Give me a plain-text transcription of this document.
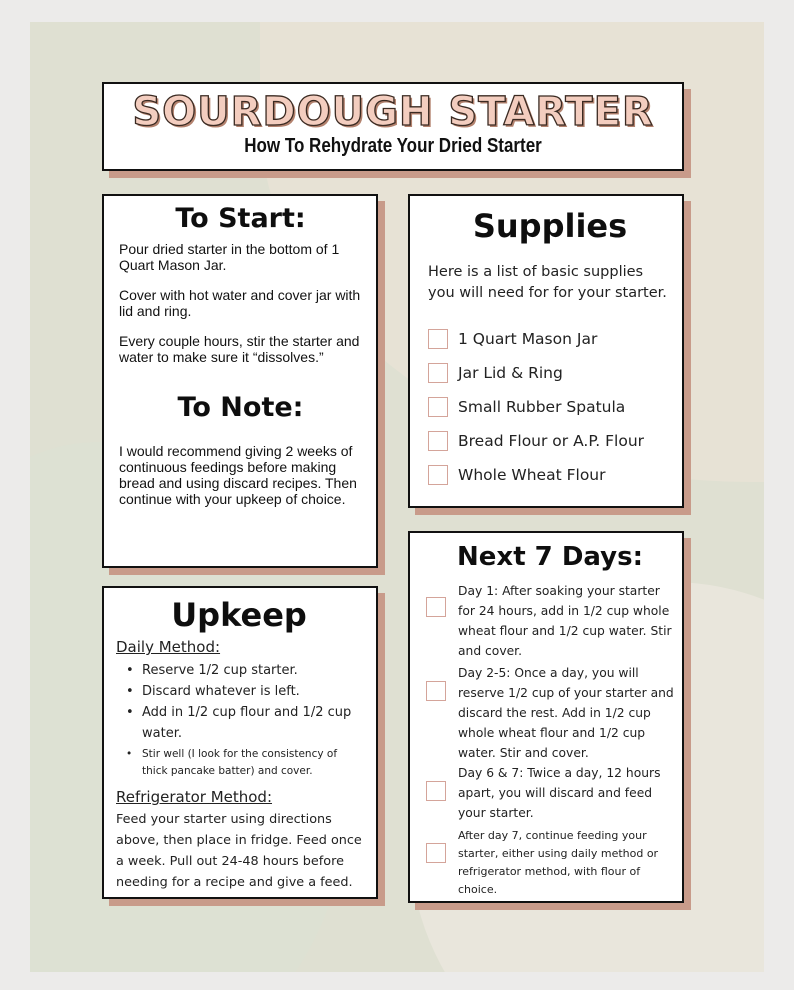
SOURDOUGH STARTER
How To Rehydrate Your Dried Starter
To Start:

Pour dried starter in the bottom of 1 Quart Mason Jar.

Cover with hot water and cover jar with lid and ring.

Every couple hours, stir the starter and water to make sure it “dissolves.”

To Note:

I would recommend giving 2 weeks of continuous feedings before making bread and using discard recipes. Then continue with your upkeep of choice.

Supplies

Here is a list of basic supplies you will need for for your starter.

1 Quart Mason Jar
Jar Lid & Ring
Small Rubber Spatula
Bread Flour or A.P. Flour
Whole Wheat Flour
Upkeep
Daily Method:
• Reserve 1/2 cup starter.
• Discard whatever is left.
• Add in 1/2 cup flour and 1/2 cup water.
• Stir well (I look for the consistency of thick pancake batter) and cover.
Refrigerator Method:
Feed your starter using directions above, then place in fridge. Feed once a week. Pull out 24-48 hours before needing for a recipe and give a feed.
Next 7 Days:
Day 1: After soaking your starter for 24 hours, add in 1/2 cup whole wheat flour and 1/2 cup water. Stir and cover.
Day 2-5: Once a day, you will reserve 1/2 cup of your starter and discard the rest. Add in 1/2 cup whole wheat flour and 1/2 cup water. Stir and cover.
Day 6 & 7: Twice a day, 12 hours apart, you will discard and feed your starter.
After day 7, continue feeding your starter, either using daily method or refrigerator method, with flour of choice.
